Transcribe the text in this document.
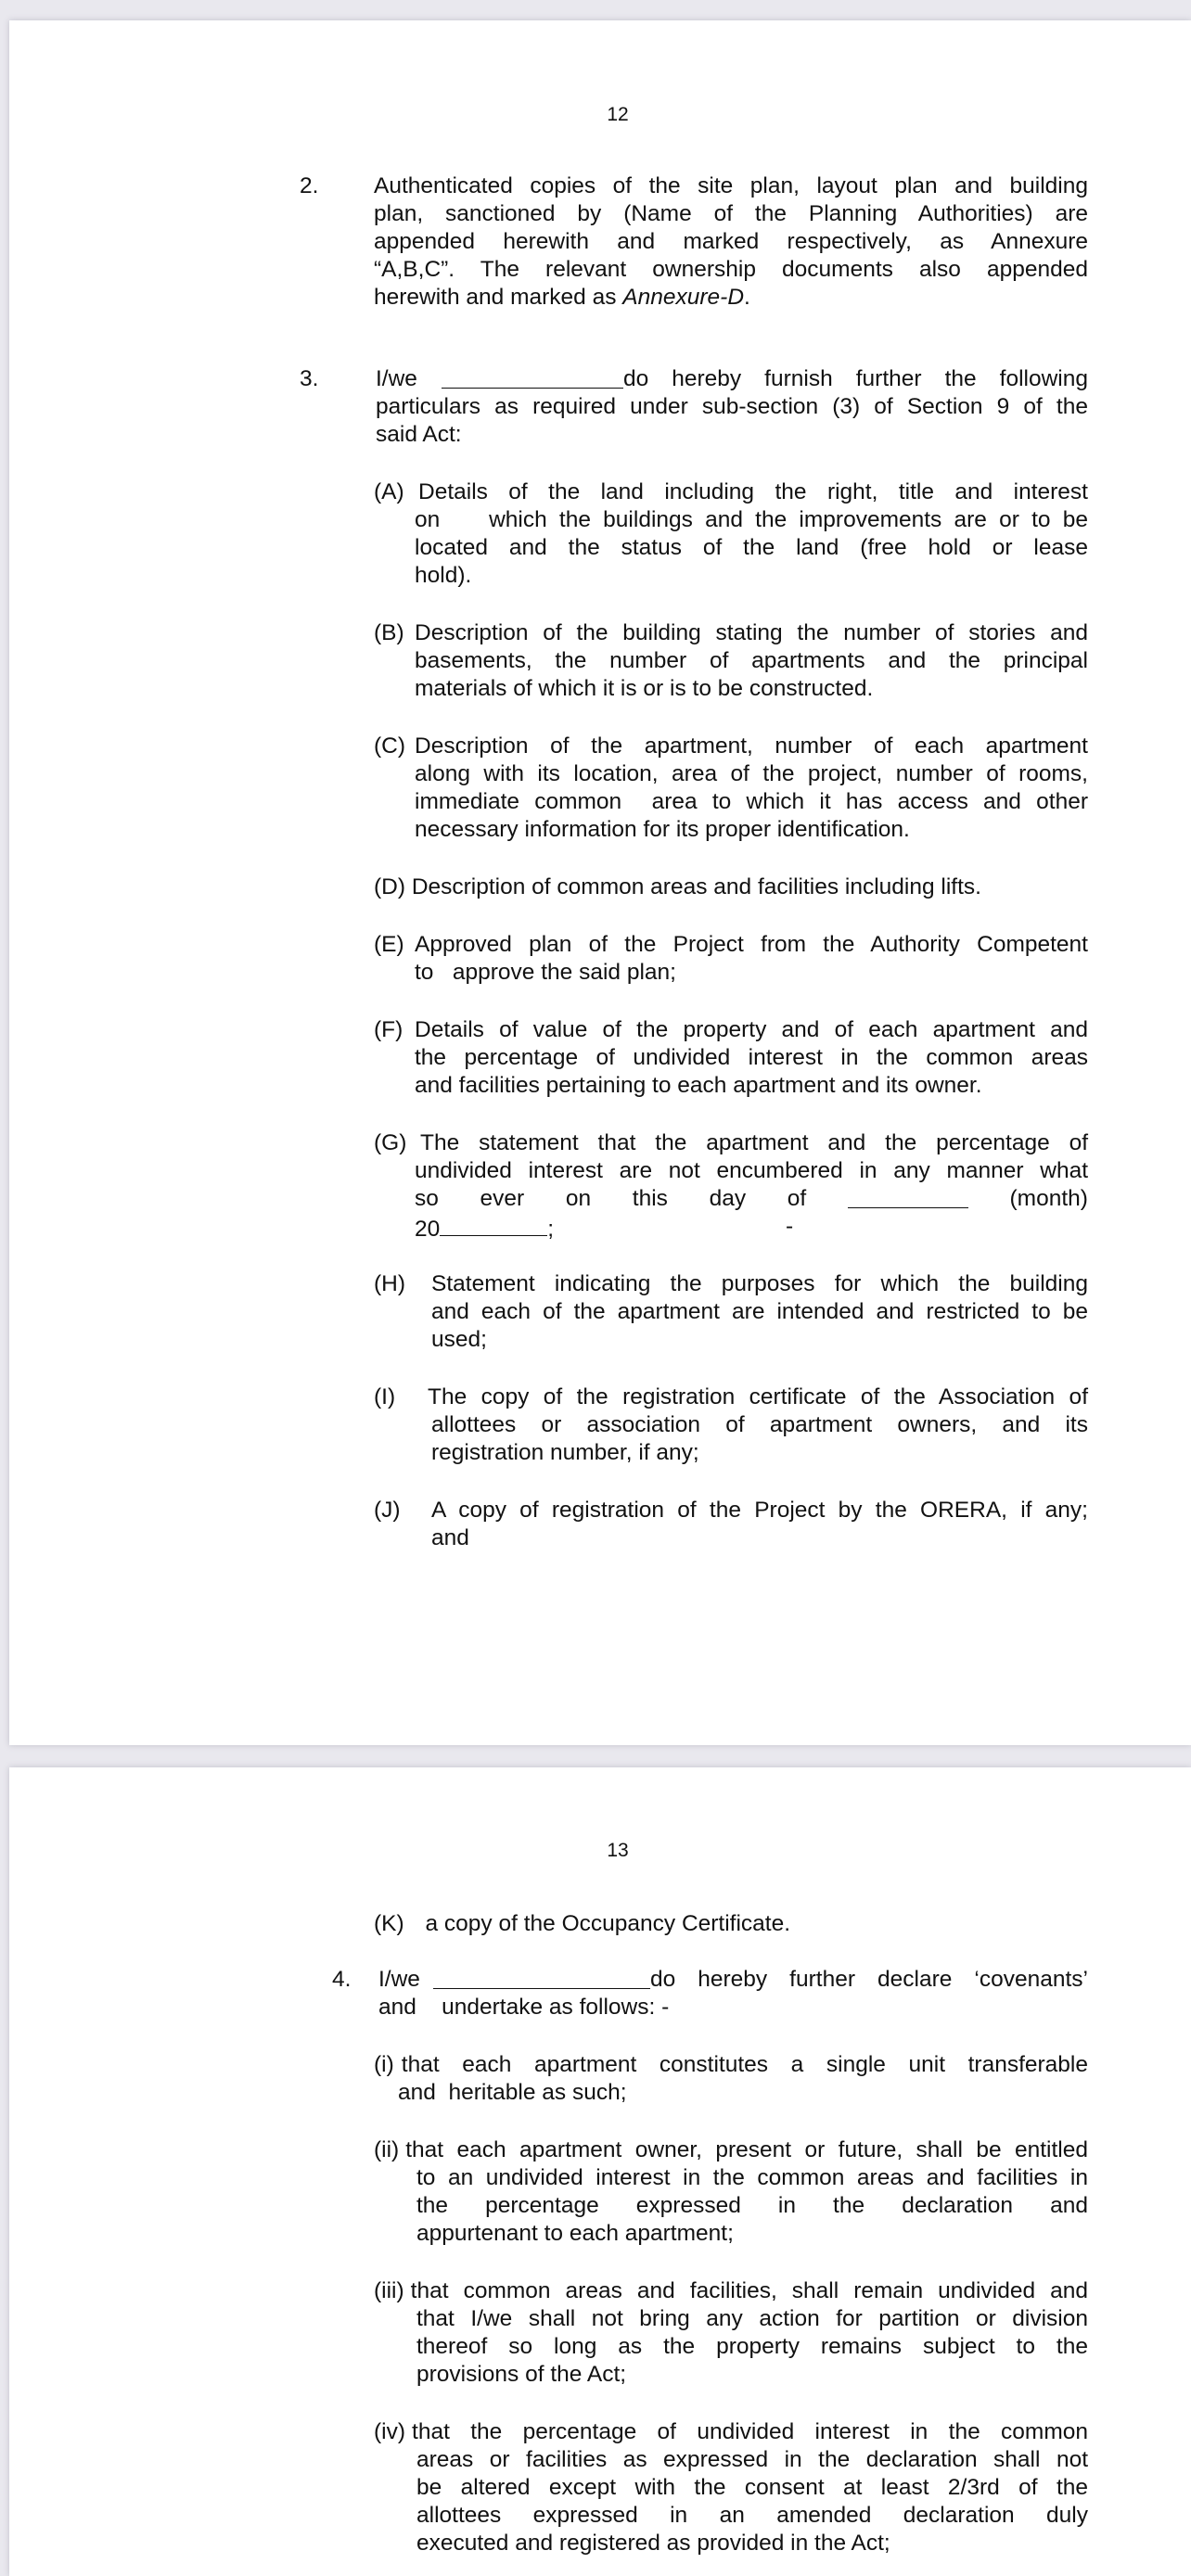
12
2. Authenticated copies of the site plan, layout plan and building
plan, sanctioned by (Name of the Planning Authorities) are
appended herewith and marked respectively, as Annexure
“A,B,C”. The relevant ownership documents also appended
herewith and marked as Annexure-D.
3.	I/we	do hereby furnish further the following
particulars as required under sub-section (3) of Section 9 of the
said Act:
(A) Details of the land including the right, title and interest
on    which the buildings and the improvements are or to be
located and the status of the land (free hold or lease
hold).
(B) Description of the building stating the number of stories and
basements, the number of apartments and the principal
materials of which it is or is to be constructed.
(C) Description of the apartment, number of each apartment
along with its location, area of the project, number of rooms,
immediate common  area to which it has access and other
necessary information for its proper identification.
(D) Description of common areas and facilities including lifts.
(E) Approved plan of the Project from the Authority Competent
to   approve the said plan;
(F) Details of value of the property and of each apartment and
the percentage of undivided interest in the common areas
and facilities pertaining to each apartment and its owner.
(G) The statement that the apartment and the percentage of
undivided interest are not encumbered in any manner what
so ever on this day of	(month)
20	;	-
(H) Statement indicating the purposes for which the building
and each of the apartment are intended and restricted to be
used;
(I) The copy of the registration certificate of the Association of
allottees or association of apartment owners, and its
registration number, if any;
(J) A copy of registration of the Project by the ORERA, if any;
and
13
(K) a copy of the Occupancy Certificate.
4. I/we	do hereby further declare ‘covenants’
and    undertake as follows: -
(i) that each apartment constitutes a single unit transferable
and  heritable as such;
(ii) that each apartment owner, present or future, shall be entitled
to an undivided interest in the common areas and facilities in
the   percentage   expressed   in   the   declaration   and
appurtenant to each apartment;
(iii) that common areas and facilities, shall remain undivided and
that I/we shall not bring any action for partition or division
thereof so long as the property remains subject to the
provisions of the Act;
(iv) that the percentage of undivided interest in the common
areas or facilities as expressed in the declaration shall not
be altered except with the consent at least 2/3rd of the
allottees   expressed   in   an   amended   declaration   duly
executed and registered as provided in the Act;
